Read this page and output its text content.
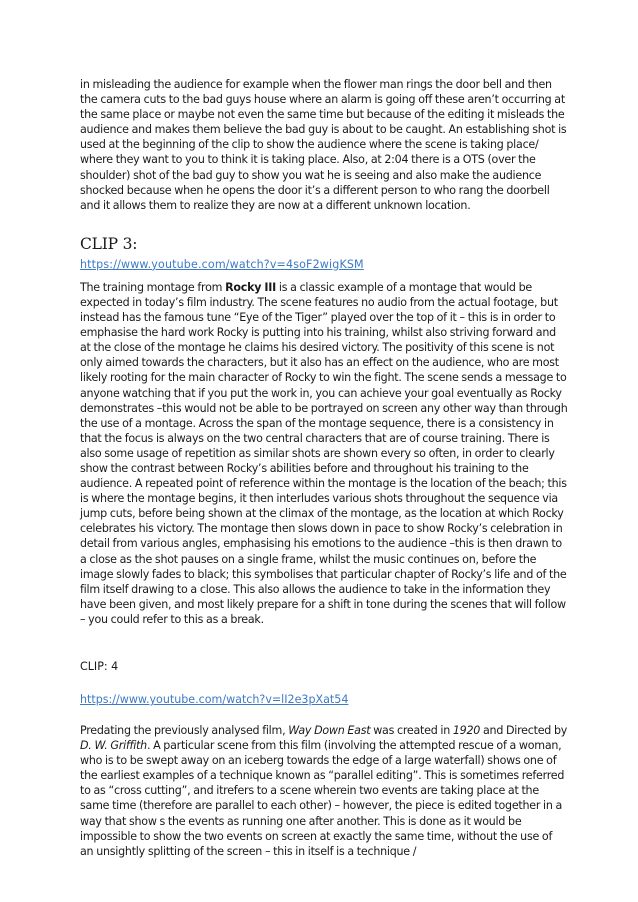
in misleading the audience for example when the flower man rings the door bell and then the camera cuts to the bad guys house where an alarm is going off these aren’t occurring at the same place or maybe not even the same time but because of the editing it misleads the audience and makes them believe the bad guy is about to be caught. An establishing shot is used at the beginning of the clip to show the audience where the scene is taking place/ where they want to you to think it is taking place. Also, at 2:04 there is a OTS (over the shoulder) shot of the bad guy to show you wat he is seeing and also make the audience shocked because when he opens the door it’s a different person to who rang the doorbell and it allows them to realize they are now at a different unknown location.

CLIP 3:
https://www.youtube.com/watch?v=4soF2wigKSM

The training montage from Rocky III is a classic example of a montage that would be expected in today’s film industry. The scene features no audio from the actual footage, but instead has the famous tune “Eye of the Tiger” played over the top of it – this is in order to emphasise the hard work Rocky is putting into his training, whilst also striving forward and at the close of the montage he claims his desired victory. The positivity of this scene is not only aimed towards the characters, but it also has an effect on the audience, who are most likely rooting for the main character of Rocky to win the fight. The scene sends a message to anyone watching that if you put the work in, you can achieve your goal eventually as Rocky demonstrates –this would not be able to be portrayed on screen any other way than through the use of a montage. Across the span of the montage sequence, there is a consistency in that the focus is always on the two central characters that are of course training. There is also some usage of repetition as similar shots are shown every so often, in order to clearly show the contrast between Rocky’s abilities before and throughout his training to the audience. A repeated point of reference within the montage is the location of the beach; this is where the montage begins, it then interludes various shots throughout the sequence via jump cuts, before being shown at the climax of the montage, as the location at which Rocky celebrates his victory. The montage then slows down in pace to show Rocky’s celebration in detail from various angles, emphasising his emotions to the audience –this is then drawn to a close as the shot pauses on a single frame, whilst the music continues on, before the image slowly fades to black; this symbolises that particular chapter of Rocky’s life and of the film itself drawing to a close. This also allows the audience to take in the information they have been given, and most likely prepare for a shift in tone during the scenes that will follow – you could refer to this as a break.

CLIP: 4
https://www.youtube.com/watch?v=lI2e3pXat54

Predating the previously analysed film, Way Down East was created in 1920 and Directed by D. W. Griffith. A particular scene from this film (involving the attempted rescue of a woman, who is to be swept away on an iceberg towards the edge of a large waterfall) shows one of the earliest examples of a technique known as “parallel editing”. This is sometimes referred to as “cross cutting”, and itrefers to a scene wherein two events are taking place at the same time (therefore are parallel to each other) – however, the piece is edited together in a way that show s the events as running one after another. This is done as it would be impossible to show the two events on screen at exactly the same time, without the use of an unsightly splitting of the screen – this in itself is a technique /
